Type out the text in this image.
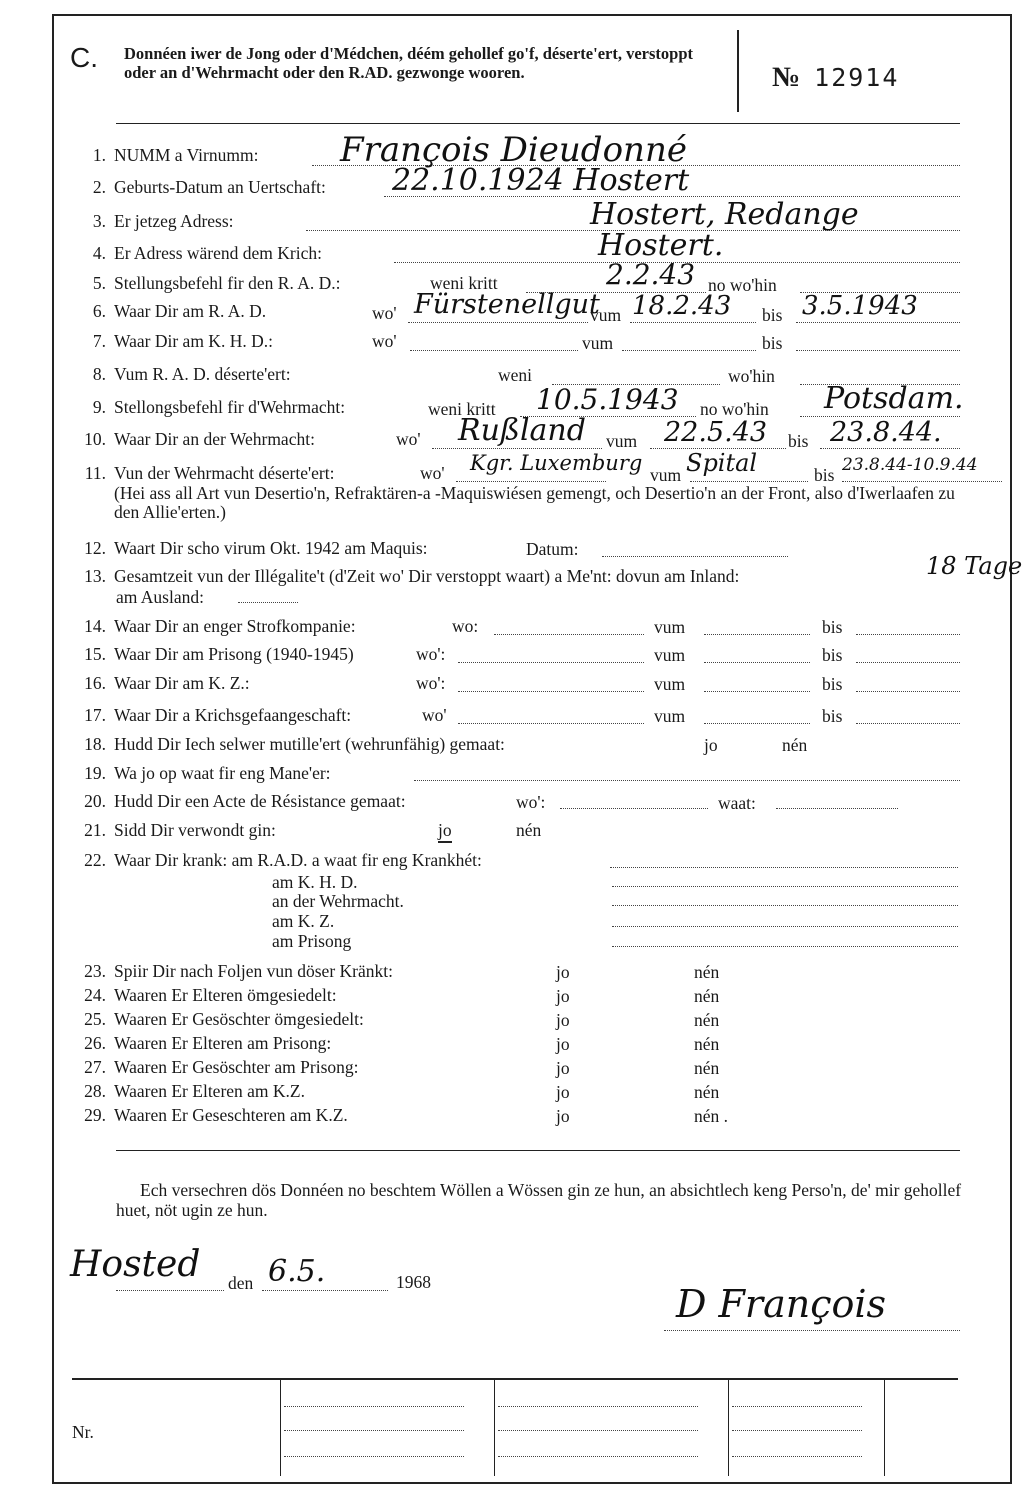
C. Donnéen iwer de Jong oder d'Médchen, déém gehollef go'f, déserte'ert, verstoppt oder an d'Wehrmacht oder den R.AD. gezwonge wooren.	№ 12914
1. NUMM a Virnumm: François Dieudonné
2. Geburts-Datum an Uertschaft: 22.10.1924 Hostert
3. Er jetzeg Adress:	Hostert, Redange
4. Er Adress wärend dem Krich:	Hostert.
5. Stellungsbefehl fir den R. A. D.:	weni kritt	2.2.43 no wo'hin
6. Waar Dir am R. A. D.	wo' Fürstenellgut
vum 18.2.43 bis 3.5.1943
7. Waar Dir am K. H. D.:	wo'	vum	bis
8. Vum R. A. D. déserte'ert:	weni	wo'hin
9. Stellongsbefehl fir d'Wehrmacht:	weni kritt 10.5.1943 no wo'hin Potsdam.
10. Waar Dir an der Wehrmacht:	wo' Rußland vum 22.5.43 bis 23.8.44.
11. Vun der Wehrmacht déserte'ert:	wo' Kgr. Luxemburg vum Spital	bis 23.8.44-10.9.44
(Hei ass all Art vun Desertio'n, Refraktären-a -Maquiswiésen gemengt, och Desertio'n an der Front, also d'Iwerlaafen zu den Allie'erten.)
12. Waart Dir scho virum Okt. 1942 am Maquis:	Datum:
13. Gesamtzeit vun der Illégalite't (d'Zeit wo' Dir verstoppt waart) a Me'nt: dovun am Inland:	18 Tage
am Ausland:
14. Waar Dir an enger Strofkompanie:	wo:	vum	bis
15. Waar Dir am Prisong (1940-1945)	wo':	vum	bis
16. Waar Dir am K. Z.:	wo':	vum	bis
17. Waar Dir a Krichsgefaangeschaft:	wo'	vum	bis
18. Hudd Dir Iech selwer mutille'ert (wehrunfähig) gemaat:	jo	nén
19. Wa jo op waat fir eng Mane'er:
20. Hudd Dir een Acte de Résistance gemaat:	wo':	waat:
21. Sidd Dir verwondt gin:	jo	nén
22. Waar Dir krank: am R.A.D. a waat fir eng Krankhét:
am K. H. D.
an der Wehrmacht.
am K. Z.
am Prisong
23. Spiir Dir nach Foljen vun döser Kränkt:	jo	nén
24. Waaren Er Elteren ömgesiedelt:	jo	nén
25. Waaren Er Gesöschter ömgesiedelt:	jo	nén
26. Waaren Er Elteren am Prisong:	jo	nén
27. Waaren Er Gesöschter am Prisong:	jo	nén
28. Waaren Er Elteren am K.Z.	jo	nén
29. Waaren Er Geseschteren am K.Z.	jo	nén .
Ech versechren dös Donnéen no beschtem Wöllen a Wössen gin ze hun, an absichtlech keng Perso'n, de' mir gehollef huet, nöt ugin ze hun.
Hosted den 6.5.	1968	D François
Nr.
